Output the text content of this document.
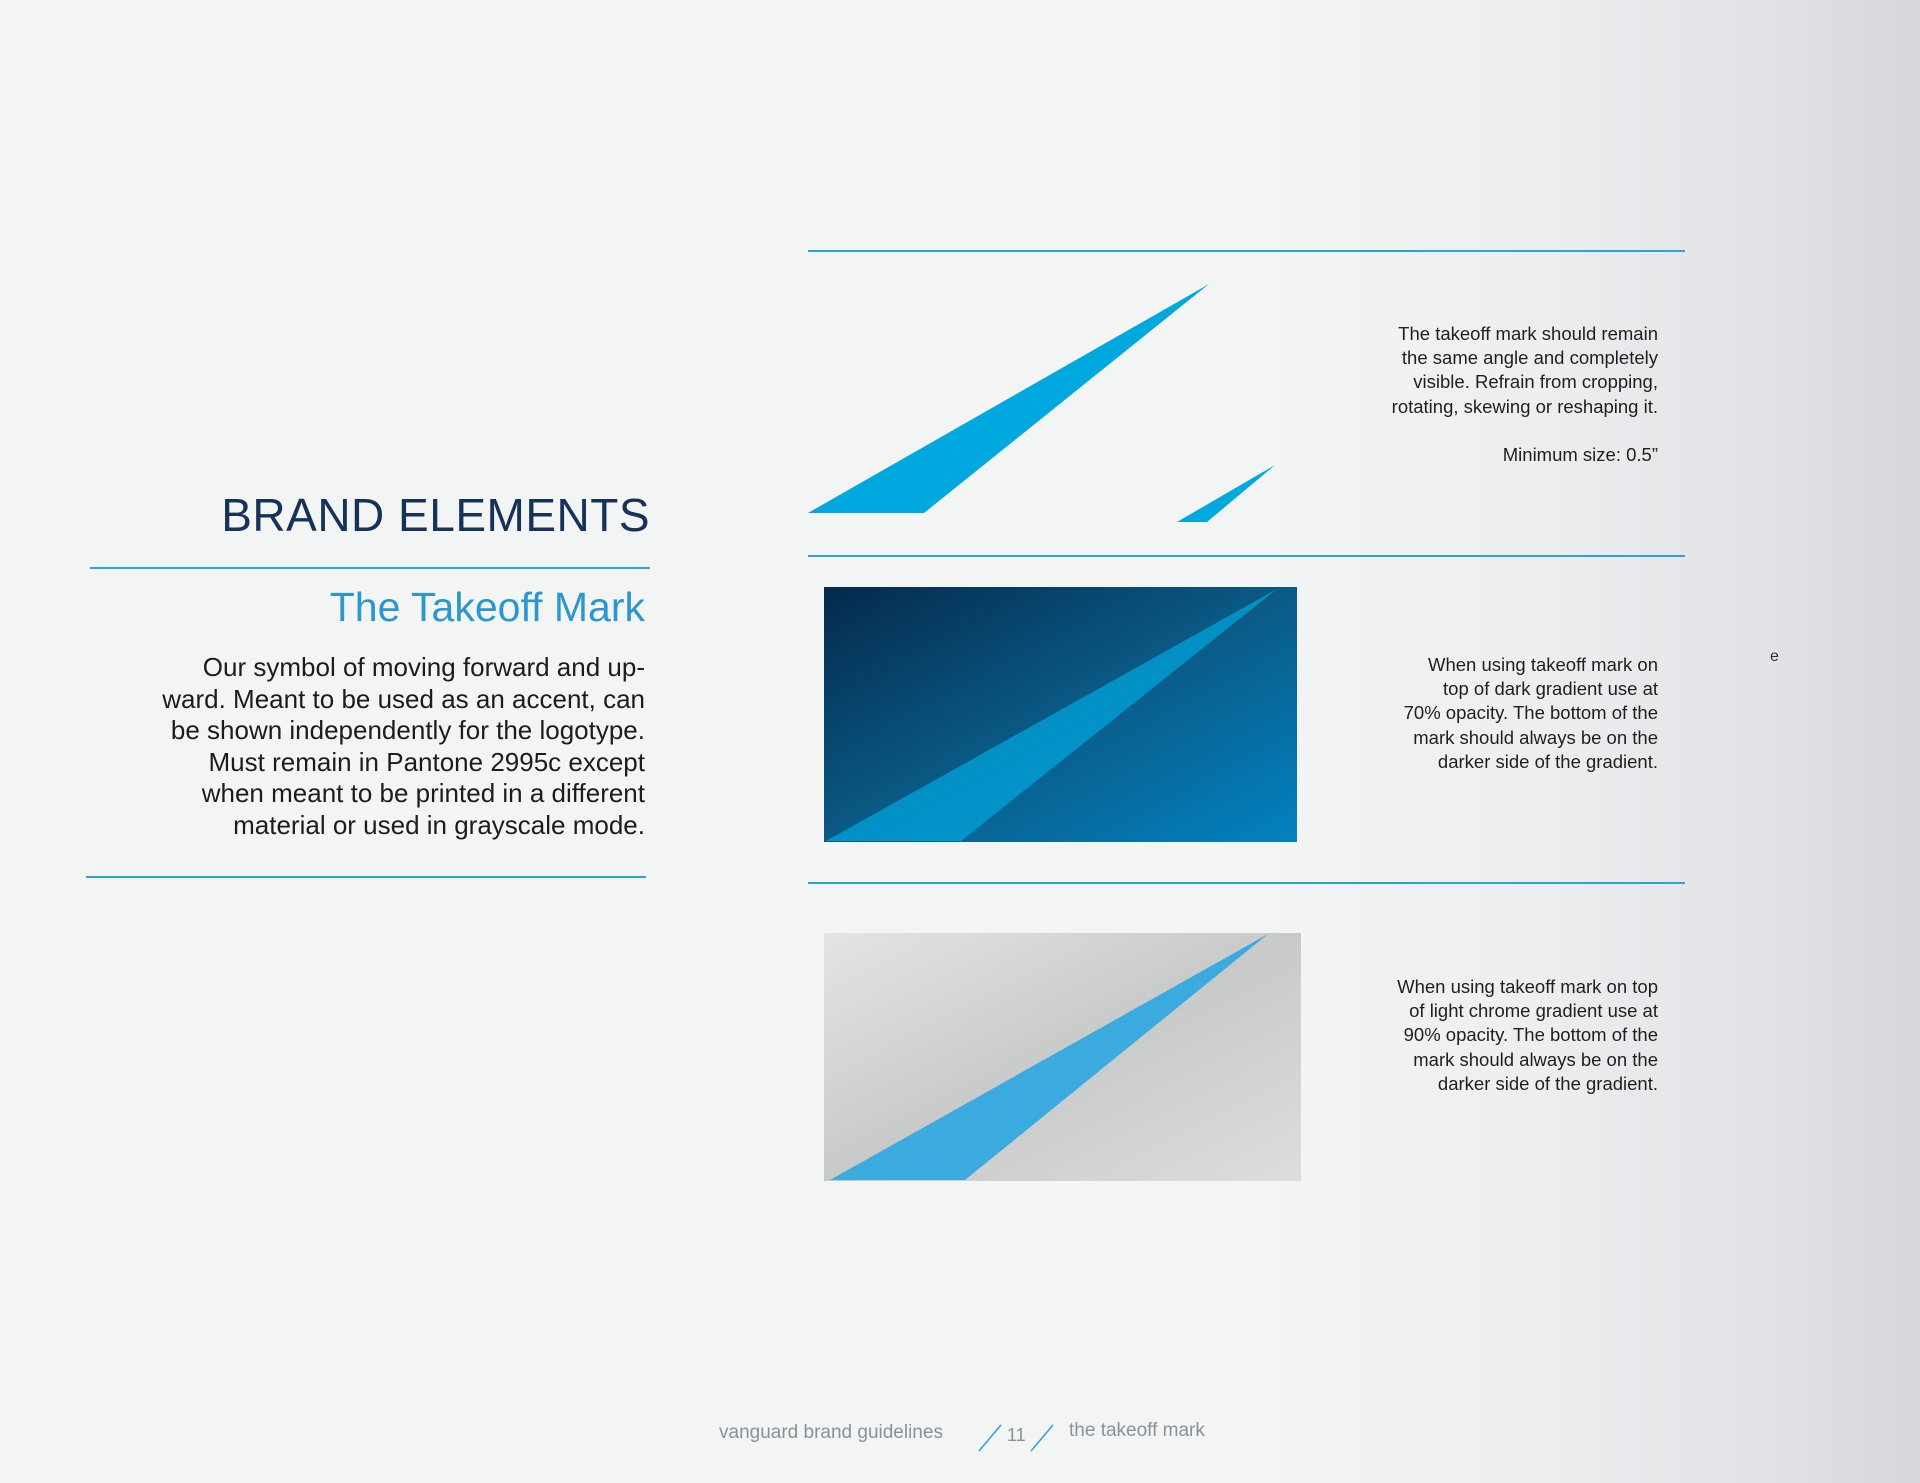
BRAND ELEMENTS
The Takeoff Mark
Our symbol of moving forward and up-
ward. Meant to be used as an accent, can
be shown independently for the logotype.
Must remain in Pantone 2995c except
when meant to be printed in a different
material or used in grayscale mode.
The takeoff mark should remain
the same angle and completely
visible. Refrain from cropping,
rotating, skewing or reshaping it.
Minimum size: 0.5”
When using takeoff mark on
top of dark gradient use at
70% opacity. The bottom of the
mark should always be on the
darker side of the gradient.
e
When using takeoff mark on top
of light chrome gradient use at
90% opacity. The bottom of the
mark should always be on the
darker side of the gradient.
vanguard brand guidelines	11 the takeoff mark
